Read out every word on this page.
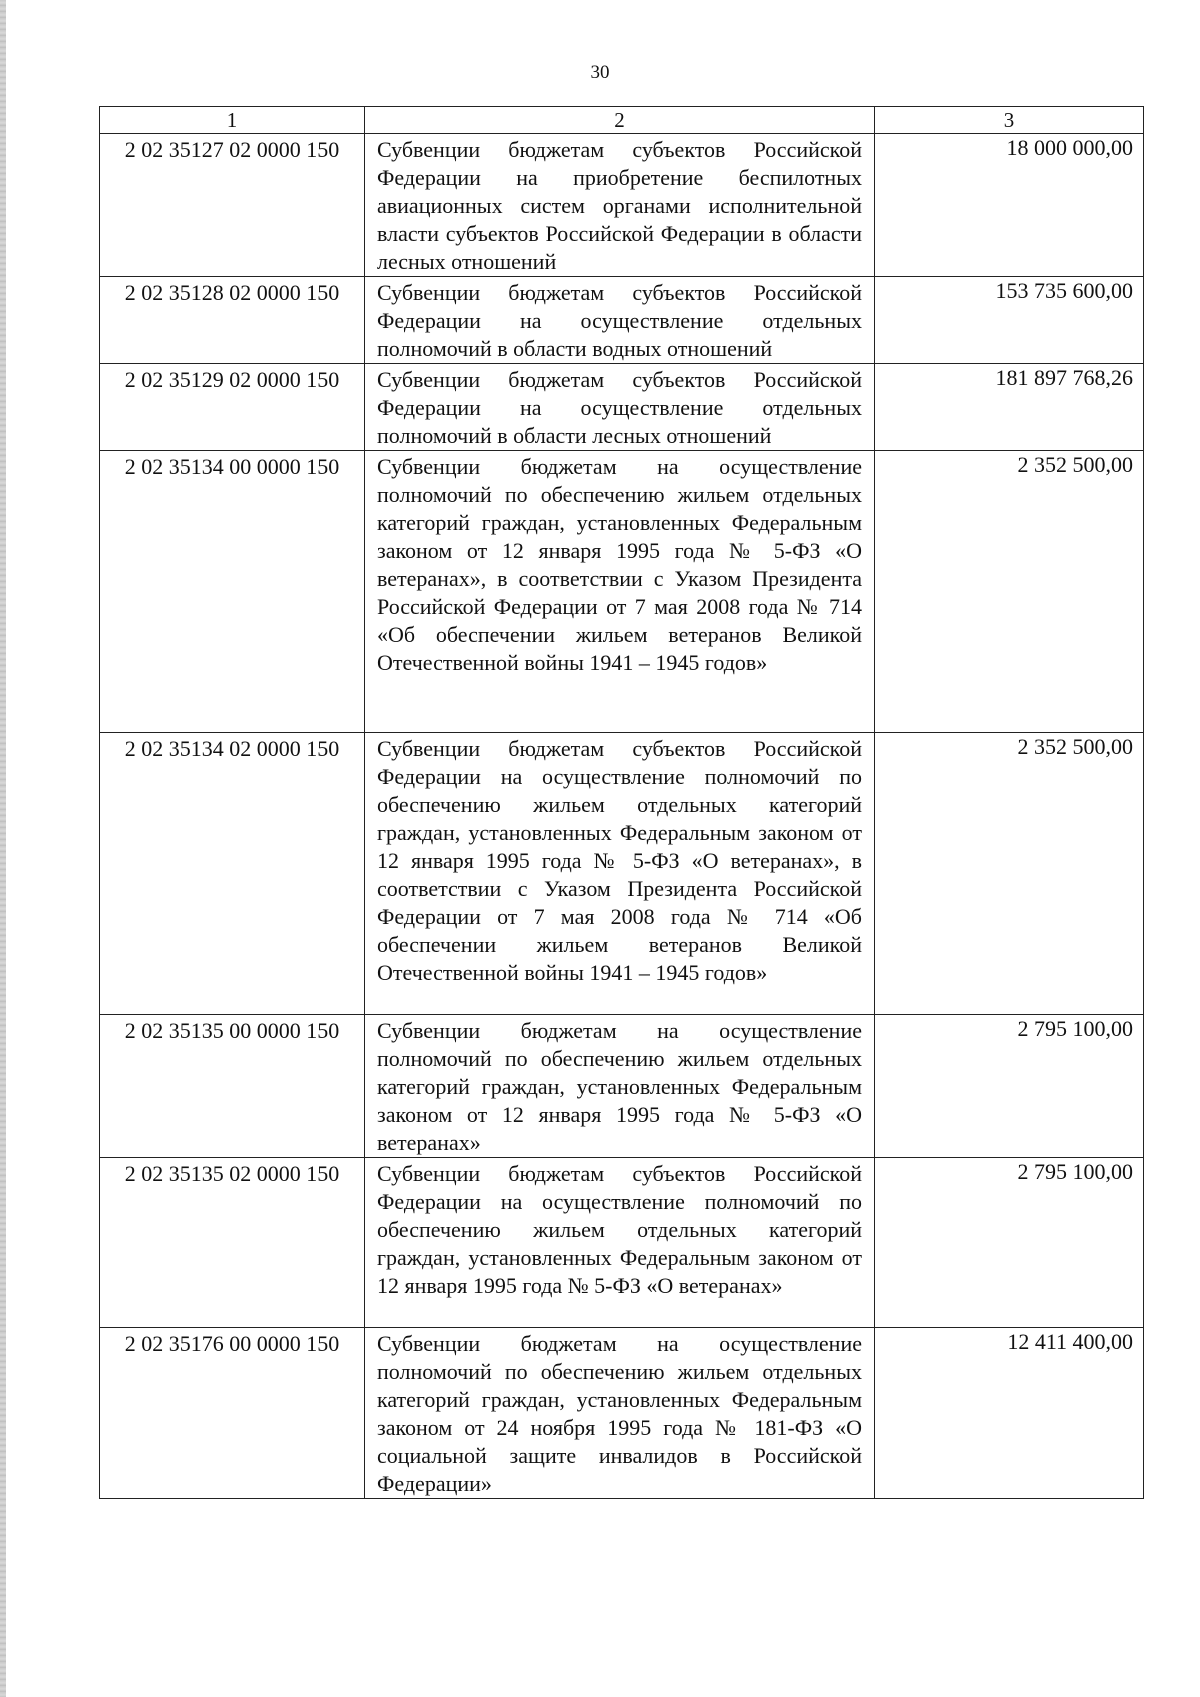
30
1	2	3
2 02 35127 02 0000 150	Субвенции бюджетам субъектов Российской Федерации на приобретение беспилотных авиационных систем органами исполнительной власти субъектов Российской Федерации в области лесных отношений	18 000 000,00
2 02 35128 02 0000 150	Субвенции бюджетам субъектов Российской Федерации на осуществление отдельных полномочий в области водных отношений	153 735 600,00
2 02 35129 02 0000 150	Субвенции бюджетам субъектов Российской Федерации на осуществление отдельных полномочий в области лесных отношений	181 897 768,26
2 02 35134 00 0000 150	Субвенции бюджетам на осуществление полномочий по обеспечению жильем отдельных категорий граждан, установленных Федеральным законом от 12 января 1995 года № 5-ФЗ «О ветеранах», в соответствии с Указом Президента Российской Федерации от 7 мая 2008 года № 714 «Об обеспечении жильем ветеранов Великой Отечественной войны 1941 – 1945 годов»	2 352 500,00
2 02 35134 02 0000 150	Субвенции бюджетам субъектов Российской Федерации на осуществление полномочий по обеспечению жильем отдельных категорий граждан, установленных Федеральным законом от 12 января 1995 года № 5-ФЗ «О ветеранах», в соответствии с Указом Президента Российской Федерации от 7 мая 2008 года № 714 «Об обеспечении жильем ветеранов Великой Отечественной войны 1941 – 1945 годов»	2 352 500,00
2 02 35135 00 0000 150	Субвенции бюджетам на осуществление полномочий по обеспечению жильем отдельных категорий граждан, установленных Федеральным законом от 12 января 1995 года № 5-ФЗ «О ветеранах»	2 795 100,00
2 02 35135 02 0000 150	Субвенции бюджетам субъектов Российской Федерации на осуществление полномочий по обеспечению жильем отдельных категорий граждан, установленных Федеральным законом от 12 января 1995 года № 5-ФЗ «О ветеранах»	2 795 100,00
2 02 35176 00 0000 150	Субвенции бюджетам на осуществление полномочий по обеспечению жильем отдельных категорий граждан, установленных Федеральным законом от 24 ноября 1995 года № 181-ФЗ «О социальной защите инвалидов в Российской Федерации»	12 411 400,00
